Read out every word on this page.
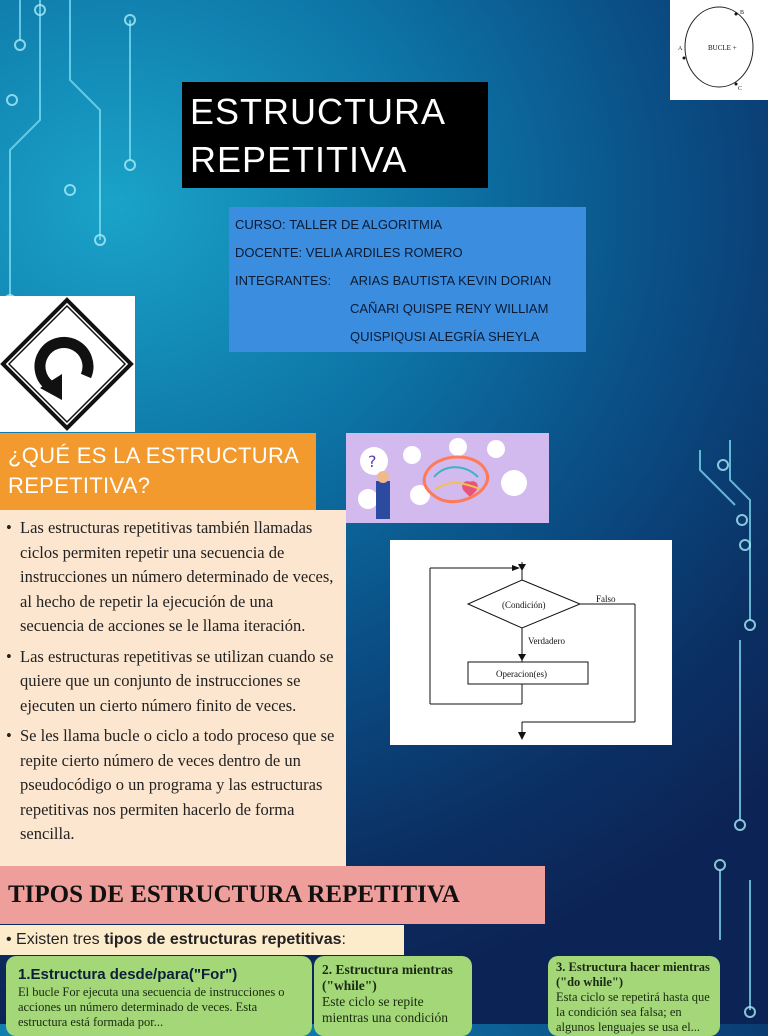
ESTRUCTURA
REPETITIVA
BUCLE +
A
B
C
CURSO:
TALLER DE ALGORITMIA
DOCENTE:
VELIA ARDILES ROMERO
INTEGRANTES:	ARIAS BAUTISTA KEVIN DORIAN
CAÑARI QUISPE RENY WILLIAM
QUISPIQUSI ALEGRÍA SHEYLA
¿QUÉ ES LA ESTRUCTURA REPETITIVA?
?
• Las estructuras repetitivas también llamadas ciclos permiten repetir una secuencia de instrucciones un número determinado de veces, al hecho de repetir la ejecución de una secuencia de acciones se le llama iteración.
• Las estructuras repetitivas se utilizan cuando se quiere que un conjunto de instrucciones se ejecuten un cierto número finito de veces.
• Se les llama bucle o ciclo a todo proceso que se repite cierto número de veces dentro de un pseudocódigo o un programa y las estructuras repetitivas nos permiten hacerlo de forma sencilla.
(Condición)
Falso
Verdadero
Operacion(es)
TIPOS DE ESTRUCTURA REPETITIVA
• Existen tres tipos de estructuras repetitivas:
1.Estructura desde/para("For")
El bucle For ejecuta una secuencia de instrucciones o acciones un número determinado de veces. Esta estructura está formada por...
2. Estructura mientras ("while")
Este ciclo se repite mientras una condición
3. Estructura hacer mientras ("do while")
Esta ciclo se repetirá hasta que la condición sea falsa; en algunos lenguajes se usa el...
